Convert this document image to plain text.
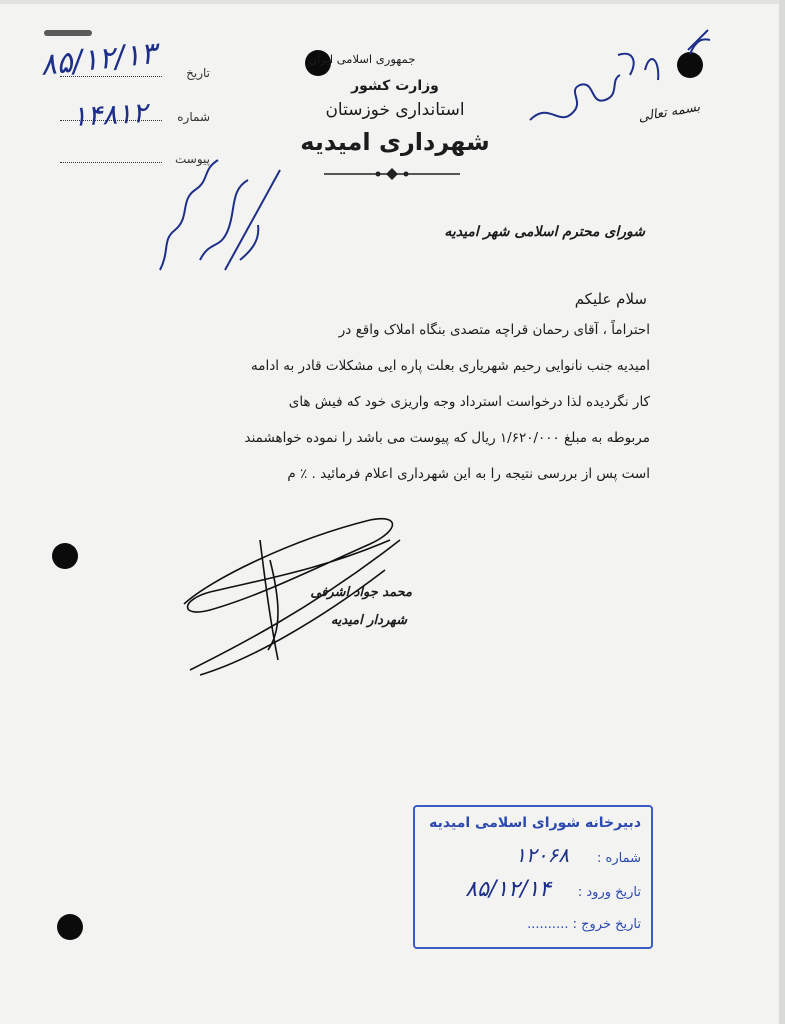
جمهوری اسلامی ایران
وزارت کشور
استانداری خوزستان
شهرداری امیدیه
تاریخ
شماره
پیوست
۸۵/۱۲/۱۳
۱۴۸۱۲	بسمه تعالی
شورای محترم اسلامی شهر امیدیه
سلام علیکم
احتراماً ، آقای رحمان قراچه متصدی بنگاه املاک واقع در
امیدیه جنب نانوایی رحیم شهریاری بعلت پاره ایی مشکلات قادر به ادامه
کار نگردیده لذا درخواست استرداد وجه واریزی خود که فیش های
مربوطه به مبلغ ۱/۶۲۰/۰۰۰ ریال که پیوست می باشد را نموده خواهشمند
است پس از بررسی نتیجه را به این شهرداری اعلام فرمائید . ٪ م
محمد جواد اشرفی
شهردار امیدیه
دبیرخانه شورای اسلامی امیدیه
شماره :
۱۲۰۶۸
تاریخ ورود :
۸۵/۱۲/۱۴
تاریخ خروج : ..........
